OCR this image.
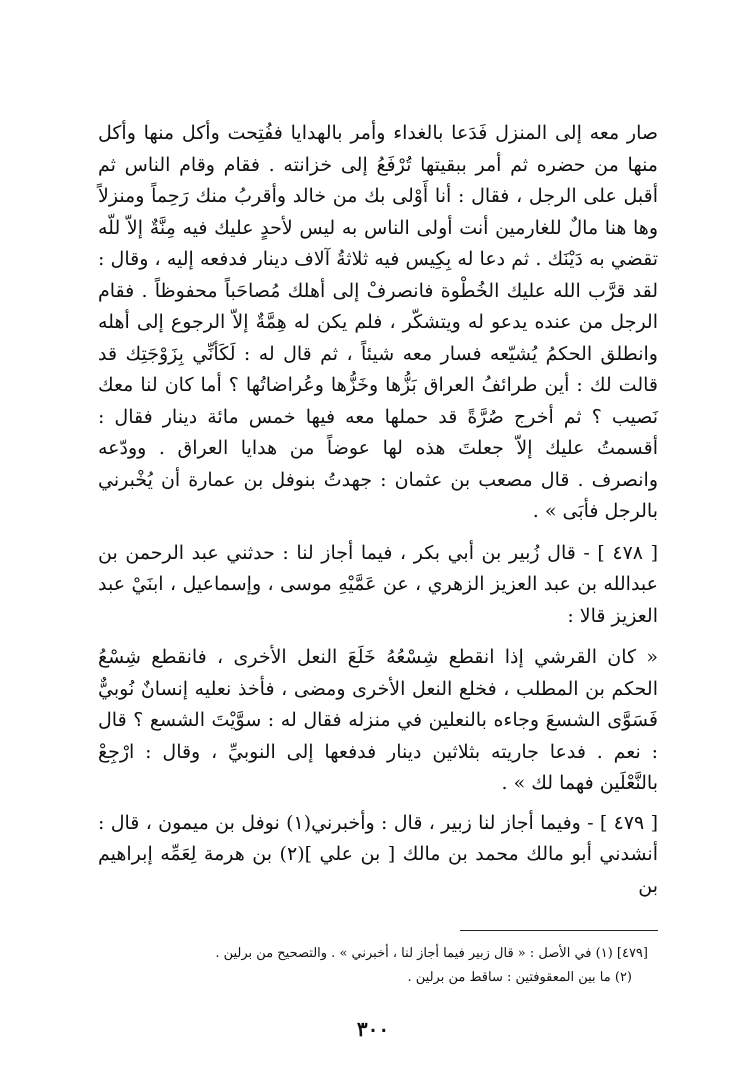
صار معه إلى المنزل فَدَعا بالغداء وأمر بالهدايا ففُتِحت وأكل منها وأكل منها من حضره ثم أمر ببقيتها تُرْفَعُ إلى خزانته . فقام وقام الناس ثم أقبل على الرجل ، فقال : أنا أَوْلى بك من خالد وأقربُ منك رَحِماً ومنزلاً وها هنا مالٌ للغارمين أنت أولى الناس به ليس لأحدٍ عليك فيه مِنَّةٌ إلاّ للّه تقضي به دَيْنَك . ثم دعا له بِكِيس فيه ثلاثةُ آلاف دينار فدفعه إليه ، وقال : لقد قرَّب الله عليك الخُطْوة فانصرفْ إلى أهلك مُصاحَباً محفوظاً . فقام الرجل من عنده يدعو له ويتشكّر ، فلم يكن له هِمَّةٌ إلاّ الرجوع إلى أهله وانطلق الحكمُ يُشيّعه فسار معه شيئاً ، ثم قال له : لَكَأنِّي بِزَوْجَتِك قد قالت لك : أين طرائفُ العراق بَزُّها وخَزُّها وعُراضاتُها ؟ أما كان لنا معك نَصيب ؟ ثم أخرج صُرَّةً قد حملها معه فيها خمس مائة دينار فقال : أقسمتُ عليك إلاّ جعلتَ هذه لها عوضاً من هدايا العراق . وودّعه وانصرف . قال مصعب بن عثمان : جهدتُ بنوفل بن عمارة أن يُخْبرني بالرجل فأبَى » .

[ ٤٧٨ ] - قال زُبير بن أبي بكر ، فيما أجاز لنا : حدثني عبد الرحمن بن عبدالله بن عبد العزيز الزهري ، عن عَمَّيْهِ موسى ، وإسماعيل ، ابنَيْ عبد العزيز قالا :

« كان القرشي إذا انقطع شِسْعُهُ خَلَعَ النعل الأخرى ، فانقطع شِسْعُ الحكم بن المطلب ، فخلع النعل الأخرى ومضى ، فأخذ نعليه إنسانٌ نُوبيٌّ فَسَوَّى الشسعَ وجاءه بالنعلين في منزله فقال له : سوَّيْتَ الشسع ؟ قال : نعم . فدعا جاريته بثلاثين دينار فدفعها إلى النوبيِّ ، وقال : ارْجِعْ بالنَّعْلَين فهما لك » .

[ ٤٧٩ ] - وفيما أجاز لنا زبير ، قال : وأخبرني(١) نوفل بن ميمون ، قال : أنشدني أبو مالك محمد بن مالك [ بن علي ](٢) بن هرمة لِعَمِّه إبراهيم بن

[٤٧٩] (١) في الأصل : « قال زبير فيما أجاز لنا ، أخبرني » . والتصحيح من برلين .

(٢) ما بين المعقوفتين : ساقط من برلين .

٣٠٠
